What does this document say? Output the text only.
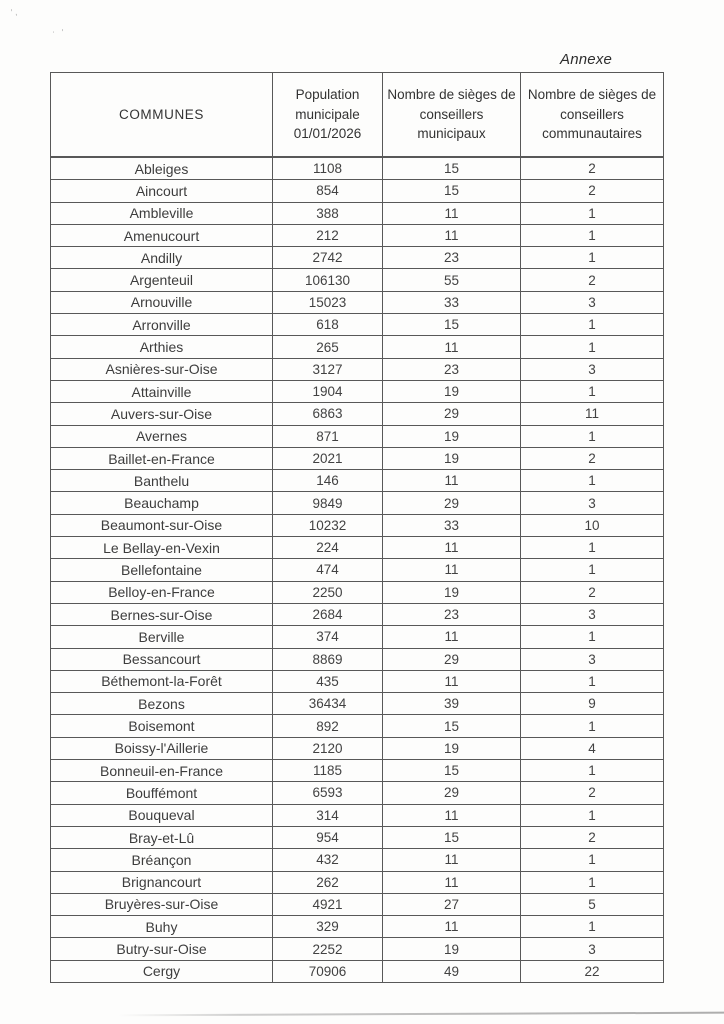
ʹ,
· ʹ
Annexe
COMMUNES	Population municipale 01/01/2026	Nombre de sièges de conseillers municipaux	Nombre de sièges de conseillers communautaires
Ableiges	1108	15	2
Aincourt	854	15	2
Ambleville	388	11	1
Amenucourt	212	11	1
Andilly	2742	23	1
Argenteuil	106130	55	2
Arnouville	15023	33	3
Arronville	618	15	1
Arthies	265	11	1
Asnières-sur-Oise	3127	23	3
Attainville	1904	19	1
Auvers-sur-Oise	6863	29	11
Avernes	871	19	1
Baillet-en-France	2021	19	2
Banthelu	146	11	1
Beauchamp	9849	29	3
Beaumont-sur-Oise	10232	33	10
Le Bellay-en-Vexin	224	11	1
Bellefontaine	474	11	1
Belloy-en-France	2250	19	2
Bernes-sur-Oise	2684	23	3
Berville	374	11	1
Bessancourt	8869	29	3
Béthemont-la-Forêt	435	11	1
Bezons	36434	39	9
Boisemont	892	15	1
Boissy-l'Aillerie	2120	19	4
Bonneuil-en-France	1185	15	1
Bouffémont	6593	29	2
Bouqueval	314	11	1
Bray-et-Lû	954	15	2
Bréançon	432	11	1
Brignancourt	262	11	1
Bruyères-sur-Oise	4921	27	5
Buhy	329	11	1
Butry-sur-Oise	2252	19	3
Cergy	70906	49	22
